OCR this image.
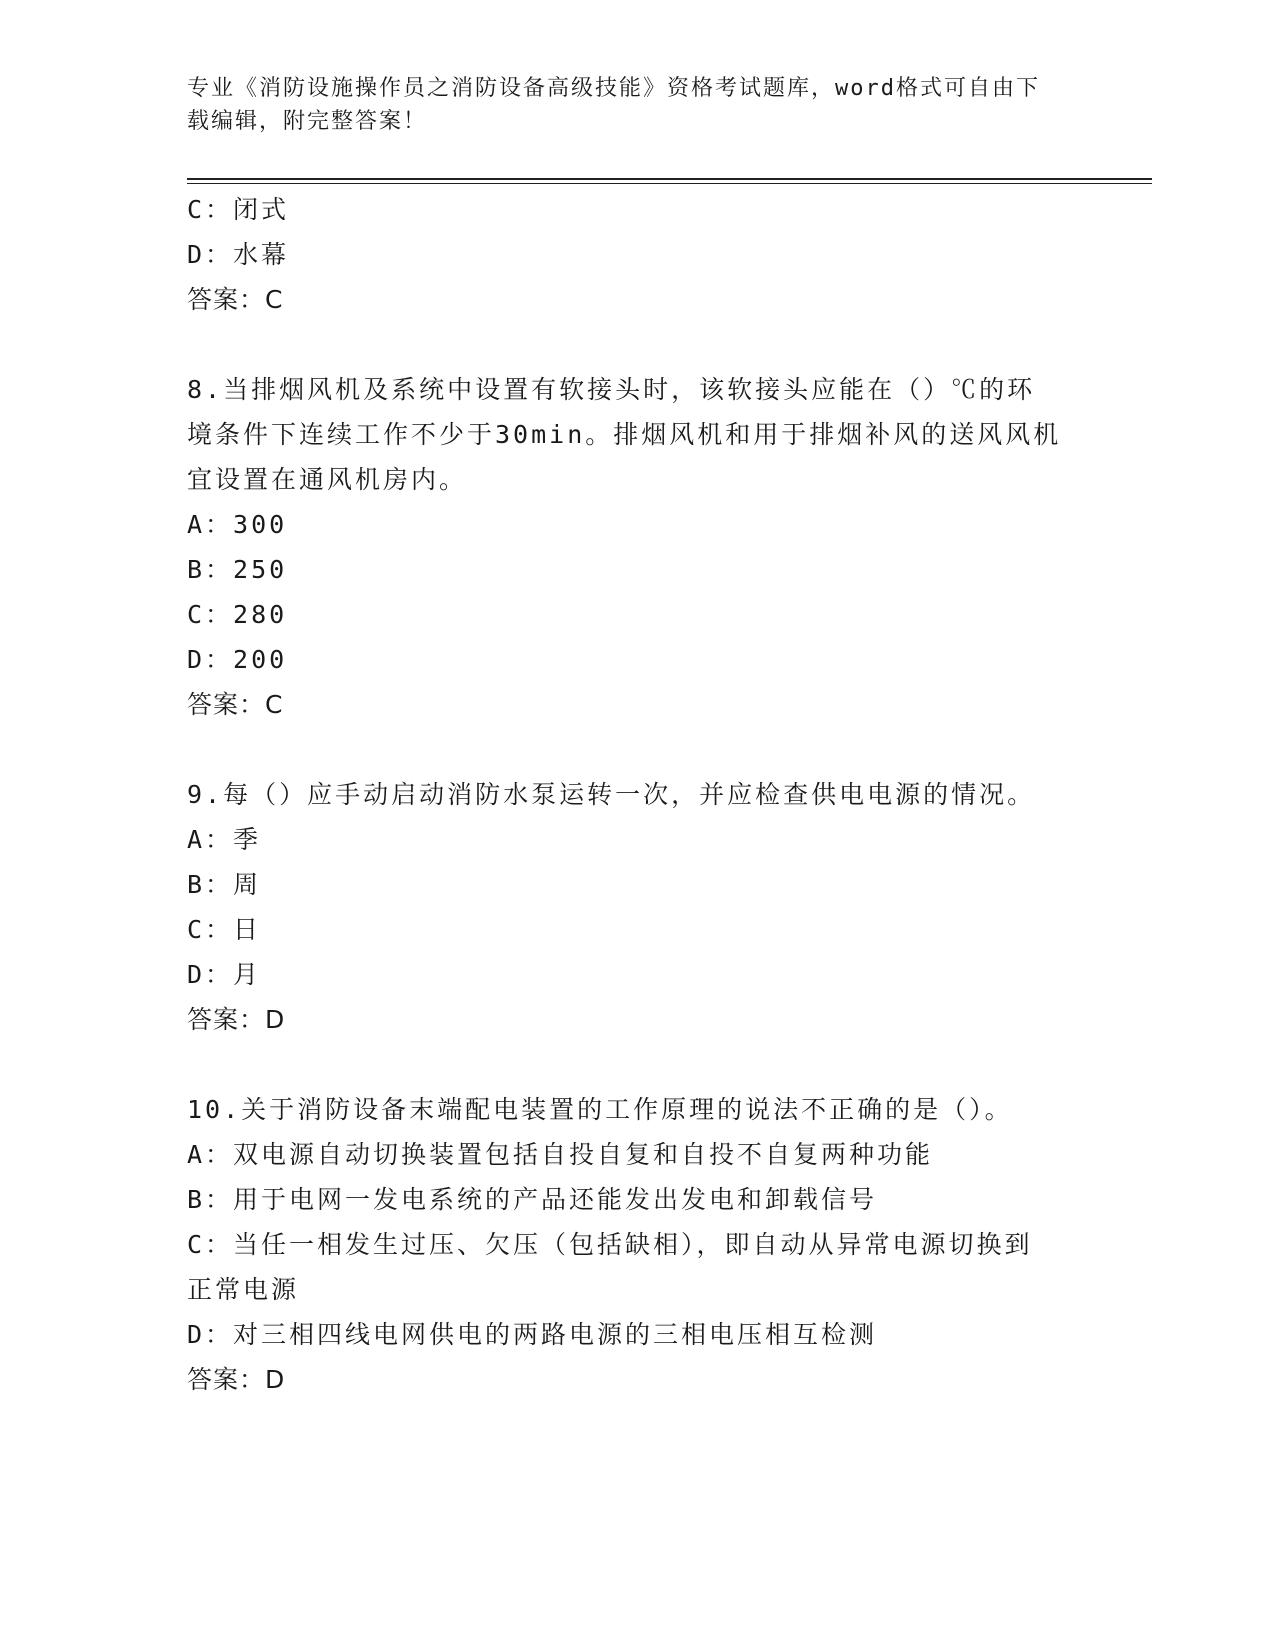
专业《消防设施操作员之消防设备高级技能》资格考试题库，word格式可自由下
载编辑，附完整答案！
C：闭式
D：水幕
答案：C
8.当排烟风机及系统中设置有软接头时，该软接头应能在（）℃的环
境条件下连续工作不少于30min。排烟风机和用于排烟补风的送风风机
宜设置在通风机房内。
A：300
B：250
C：280
D：200
答案：C
9.每（）应手动启动消防水泵运转一次，并应检查供电电源的情况。
A：季
B：周
C：日
D：月
答案：D
10.关于消防设备末端配电装置的工作原理的说法不正确的是（）。
A：双电源自动切换装置包括自投自复和自投不自复两种功能
B：用于电网一发电系统的产品还能发出发电和卸载信号
C：当任一相发生过压、欠压（包括缺相），即自动从异常电源切换到
正常电源
D：对三相四线电网供电的两路电源的三相电压相互检测
答案：D
